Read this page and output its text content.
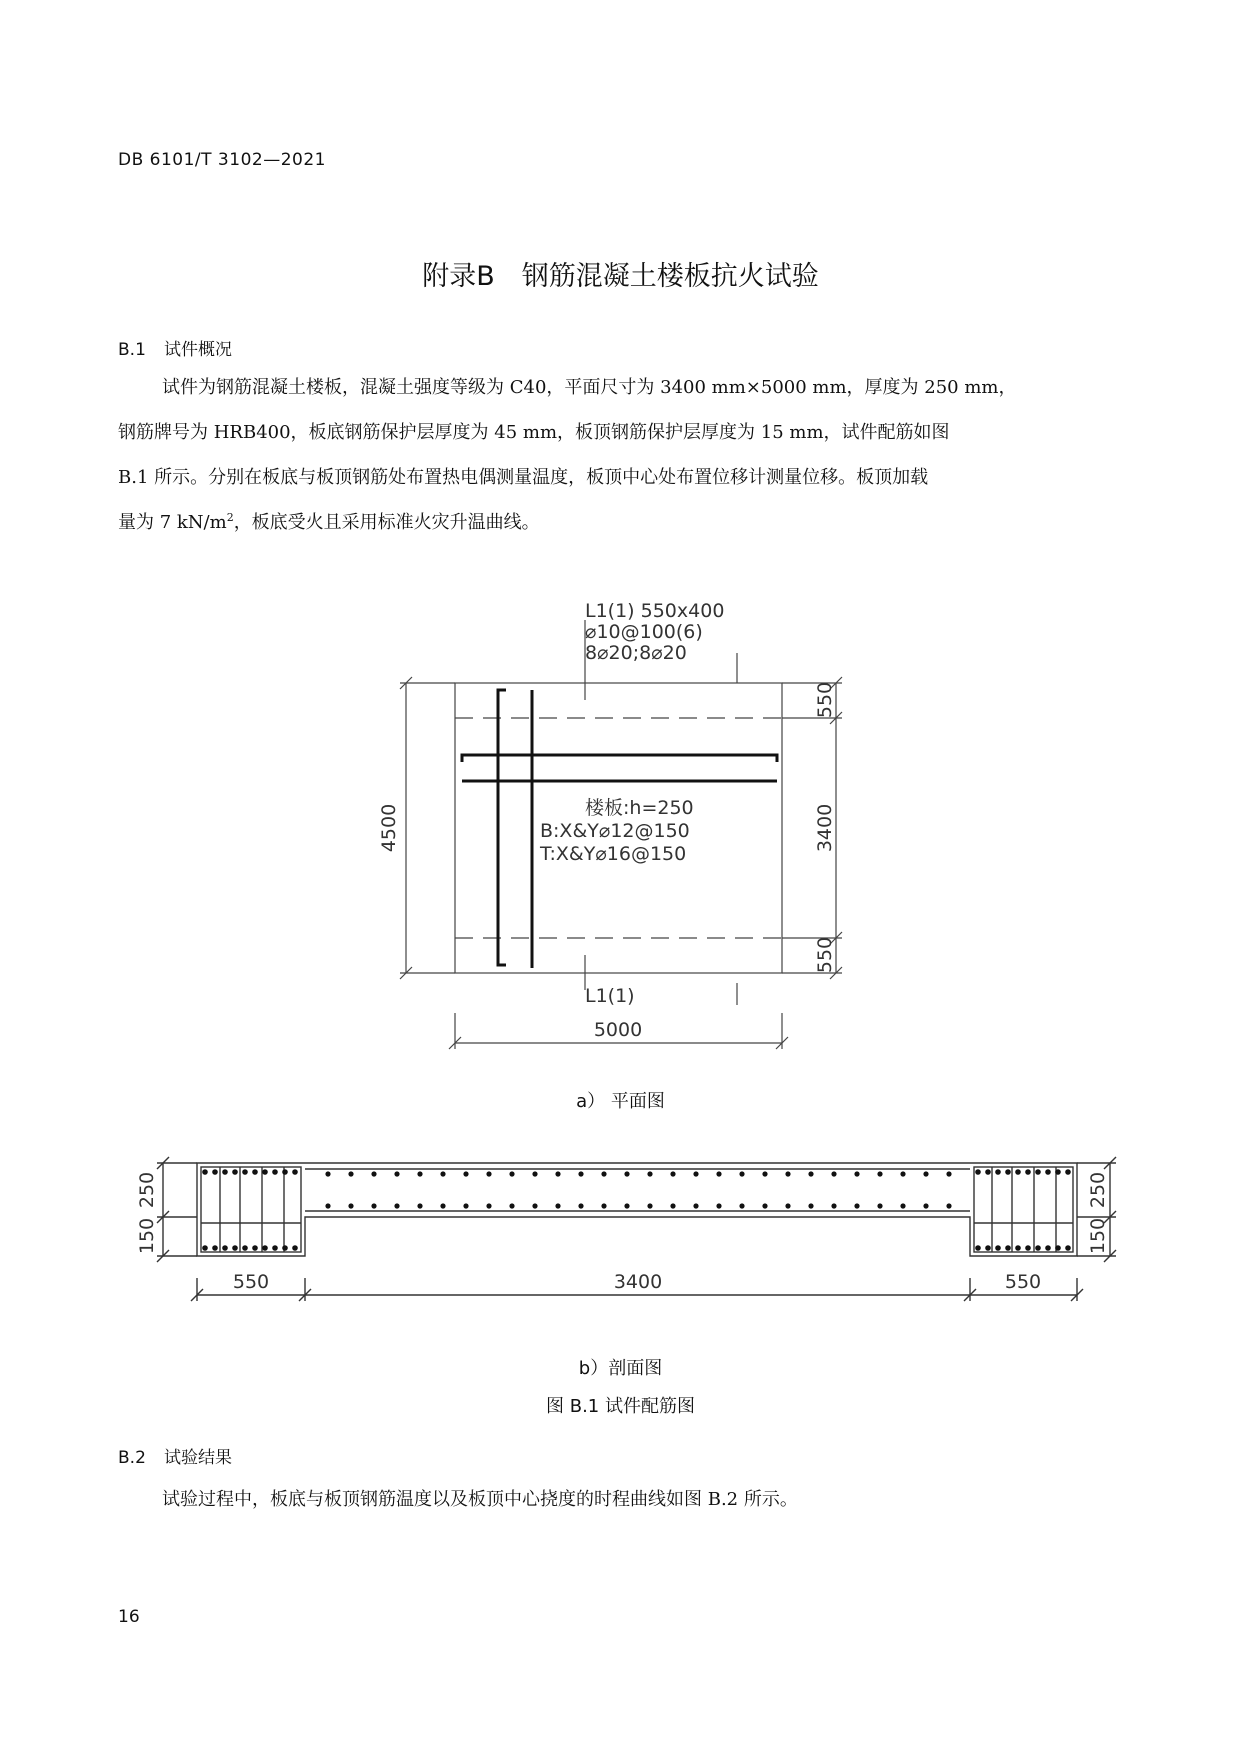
DB 6101/T 3102—2021
附录B　钢筋混凝土楼板抗火试验
B.1 试件概况
试件为钢筋混凝土楼板，混凝土强度等级为 C40，平面尺寸为 3400 mm×5000 mm，厚度为 250 mm，
钢筋牌号为 HRB400，板底钢筋保护层厚度为 45 mm，板顶钢筋保护层厚度为 15 mm，试件配筋如图
B.1 所示。分别在板底与板顶钢筋处布置热电偶测量温度，板顶中心处布置位移计测量位移。板顶加载
量为 7 $kN/m^2$，板底受火且采用标准火灾升温曲线。
L1(1) 550x400
⌀10@100(6)
8⌀20;8⌀20
L1(1)
楼板:h=250
B:X&Y⌀12@150
T:X&Y⌀16@150
4500
550
3400
550
5000
a） 平面图
250
150
250
150
550	3400	550
b）剖面图
图 B.1 试件配筋图
B.2 试验结果
试验过程中，板底与板顶钢筋温度以及板顶中心挠度的时程曲线如图 B.2 所示。
16
